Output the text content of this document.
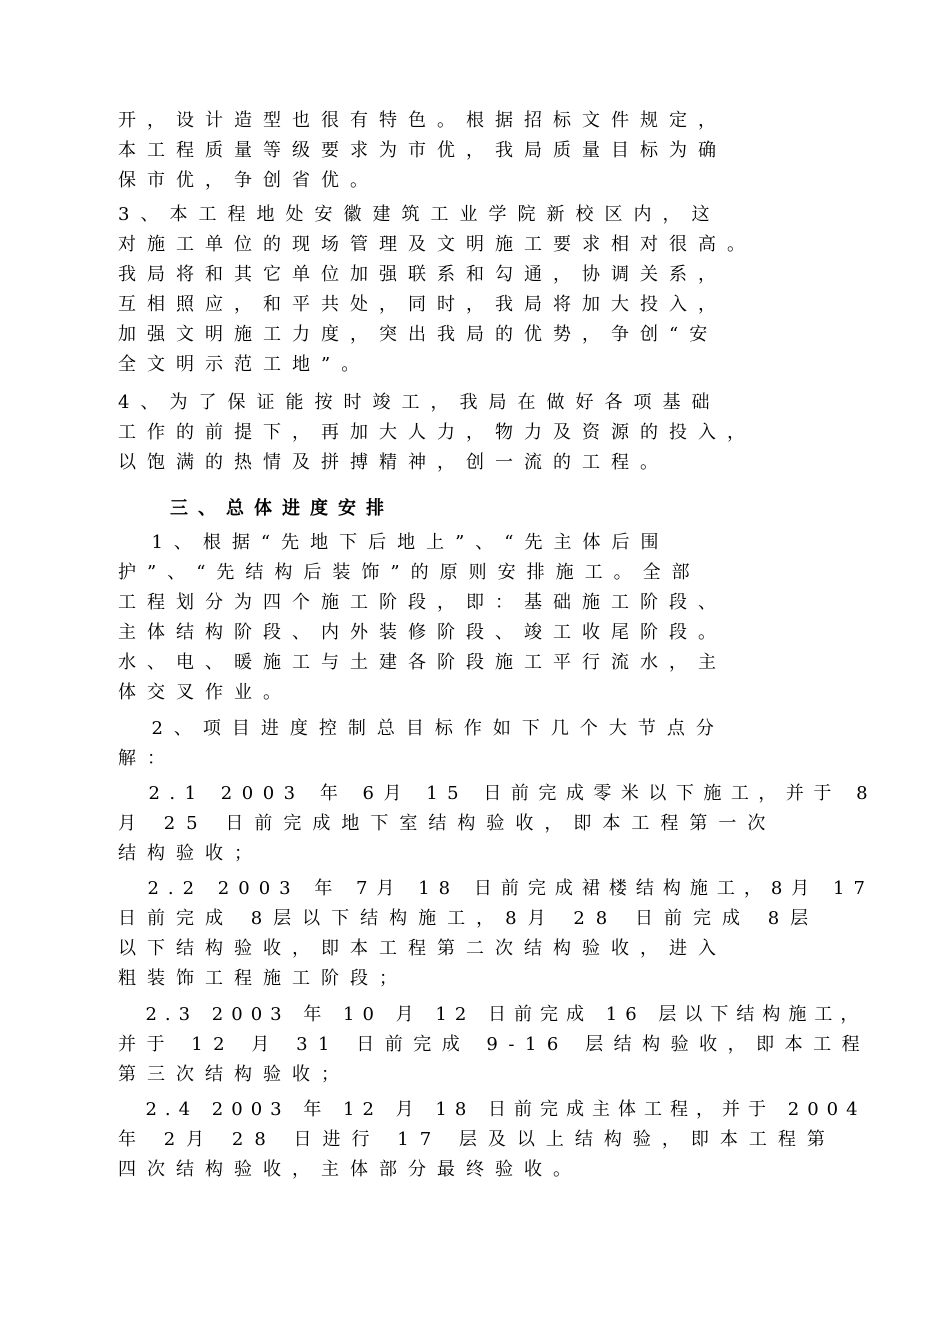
开，设计造型也很有特色。根据招标文件规定，
本工程质量等级要求为市优，我局质量目标为确
保市优，争创省优。
3、本工程地处安徽建筑工业学院新校区内，这
对施工单位的现场管理及文明施工要求相对很高。
我局将和其它单位加强联系和勾通，协调关系，
互相照应，和平共处，同时，我局将加大投入，
加强文明施工力度，突出我局的优势，争创“安
全文明示范工地”。
4、为了保证能按时竣工，我局在做好各项基础
工作的前提下，再加大人力，物力及资源的投入，
以饱满的热情及拼搏精神，创一流的工程。
三、总体进度安排
1、根据“先地下后地上”、“先主体后围
护”、“先结构后装饰”的原则安排施工。全部
工程划分为四个施工阶段，即：基础施工阶段、
主体结构阶段、内外装修阶段、竣工收尾阶段。
水、电、暖施工与土建各阶段施工平行流水，主
体交叉作业。
2、项目进度控制总目标作如下几个大节点分
解：
2.1 2003 年 6月 15 日前完成零米以下施工，并于 8
月 25 日前完成地下室结构验收，即本工程第一次
结构验收；
2.2 2003 年 7月 18 日前完成裙楼结构施工，8月 17
日前完成 8层以下结构施工，8月 28 日前完成 8层
以下结构验收，即本工程第二次结构验收，进入
粗装饰工程施工阶段；
2.3 2003 年 10 月 12 日前完成 16 层以下结构施工，
并于 12 月 31 日前完成 9-16 层结构验收，即本工程
第三次结构验收；
2.4 2003 年 12 月 18 日前完成主体工程，并于 2004
年 2月 28 日进行 17 层及以上结构验，即本工程第
四次结构验收，主体部分最终验收。
